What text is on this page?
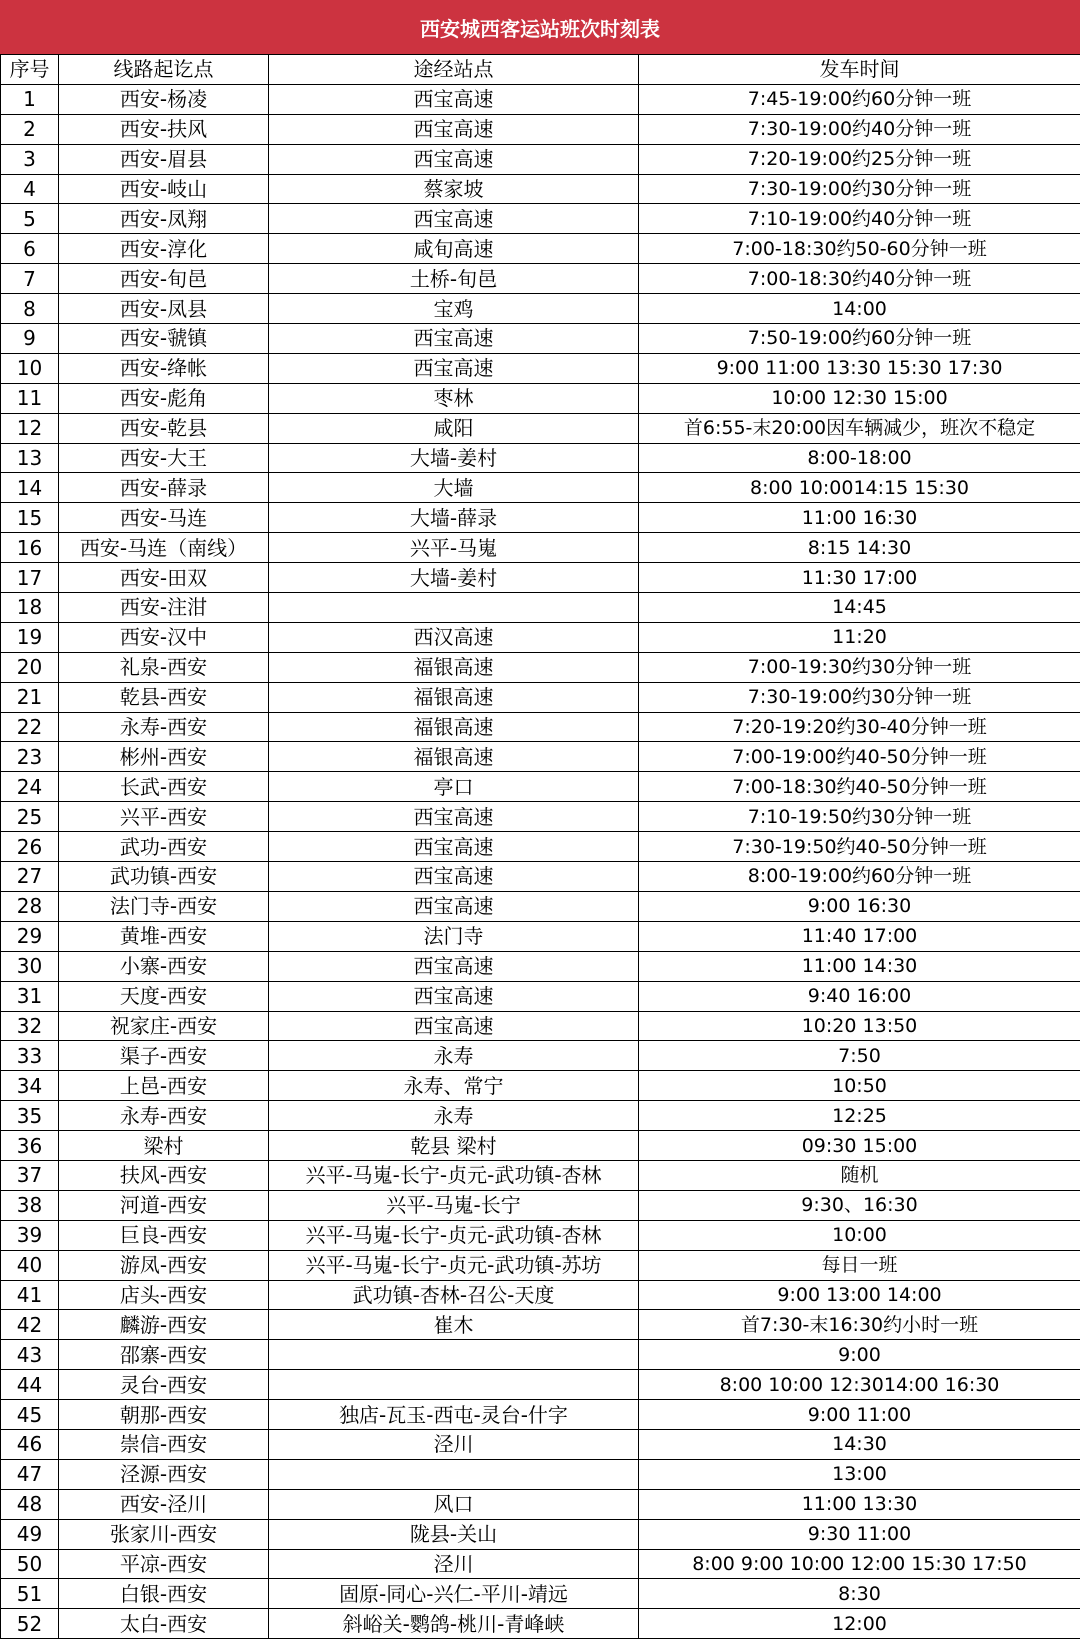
西安城西客运站班次时刻表
序号	线路起讫点	途经站点	发车时间
1	西安-杨凌	西宝高速	7:45-19:00约60分钟一班
2	西安-扶风	西宝高速	7:30-19:00约40分钟一班
3	西安-眉县	西宝高速	7:20-19:00约25分钟一班
4	西安-岐山	蔡家坡	7:30-19:00约30分钟一班
5	西安-凤翔	西宝高速	7:10-19:00约40分钟一班
6	西安-淳化	咸旬高速	7:00-18:30约50-60分钟一班
7	西安-旬邑	土桥-旬邑	7:00-18:30约40分钟一班
8	西安-凤县	宝鸡	14:00
9	西安-虢镇	西宝高速	7:50-19:00约60分钟一班
10	西安-绛帐	西宝高速	9:00 11:00 13:30 15:30 17:30
11	西安-彪角	枣林	10:00 12:30 15:00
12	西安-乾县	咸阳	首6:55-末20:00因车辆减少，班次不稳定
13	西安-大王	大墙-姜村	8:00-18:00
14	西安-薛录	大墙	8:00 10:0014:15 15:30
15	西安-马连	大墙-薛录	11:00 16:30
16	西安-马连（南线）	兴平-马嵬	8:15 14:30
17	西安-田双	大墙-姜村	11:30 17:00
18	西安-注泔		14:45
19	西安-汉中	西汉高速	11:20
20	礼泉-西安	福银高速	7:00-19:30约30分钟一班
21	乾县-西安	福银高速	7:30-19:00约30分钟一班
22	永寿-西安	福银高速	7:20-19:20约30-40分钟一班
23	彬州-西安	福银高速	7:00-19:00约40-50分钟一班
24	长武-西安	亭口	7:00-18:30约40-50分钟一班
25	兴平-西安	西宝高速	7:10-19:50约30分钟一班
26	武功-西安	西宝高速	7:30-19:50约40-50分钟一班
27	武功镇-西安	西宝高速	8:00-19:00约60分钟一班
28	法门寺-西安	西宝高速	9:00 16:30
29	黄堆-西安	法门寺	11:40 17:00
30	小寨-西安	西宝高速	11:00 14:30
31	天度-西安	西宝高速	9:40 16:00
32	祝家庄-西安	西宝高速	10:20 13:50
33	渠子-西安	永寿	7:50
34	上邑-西安	永寿、常宁	10:50
35	永寿-西安	永寿	12:25
36	梁村	乾县 梁村	09:30 15:00
37	扶风-西安	兴平-马嵬-长宁-贞元-武功镇-杏林	随机
38	河道-西安	兴平-马嵬-长宁	9:30、16:30
39	巨良-西安	兴平-马嵬-长宁-贞元-武功镇-杏林	10:00
40	游凤-西安	兴平-马嵬-长宁-贞元-武功镇-苏坊	每日一班
41	店头-西安	武功镇-杏林-召公-天度	9:00 13:00 14:00
42	麟游-西安	崔木	首7:30-末16:30约小时一班
43	邵寨-西安		9:00
44	灵台-西安		8:00 10:00 12:3014:00 16:30
45	朝那-西安	独店-瓦玉-西屯-灵台-什字	9:00 11:00
46	崇信-西安	泾川	14:30
47	泾源-西安		13:00
48	西安-泾川	风口	11:00 13:30
49	张家川-西安	陇县-关山	9:30 11:00
50	平凉-西安	泾川	8:00 9:00 10:00 12:00 15:30 17:50
51	白银-西安	固原-同心-兴仁-平川-靖远	8:30
52	太白-西安	斜峪关-鹦鸽-桃川-青峰峡	12:00
